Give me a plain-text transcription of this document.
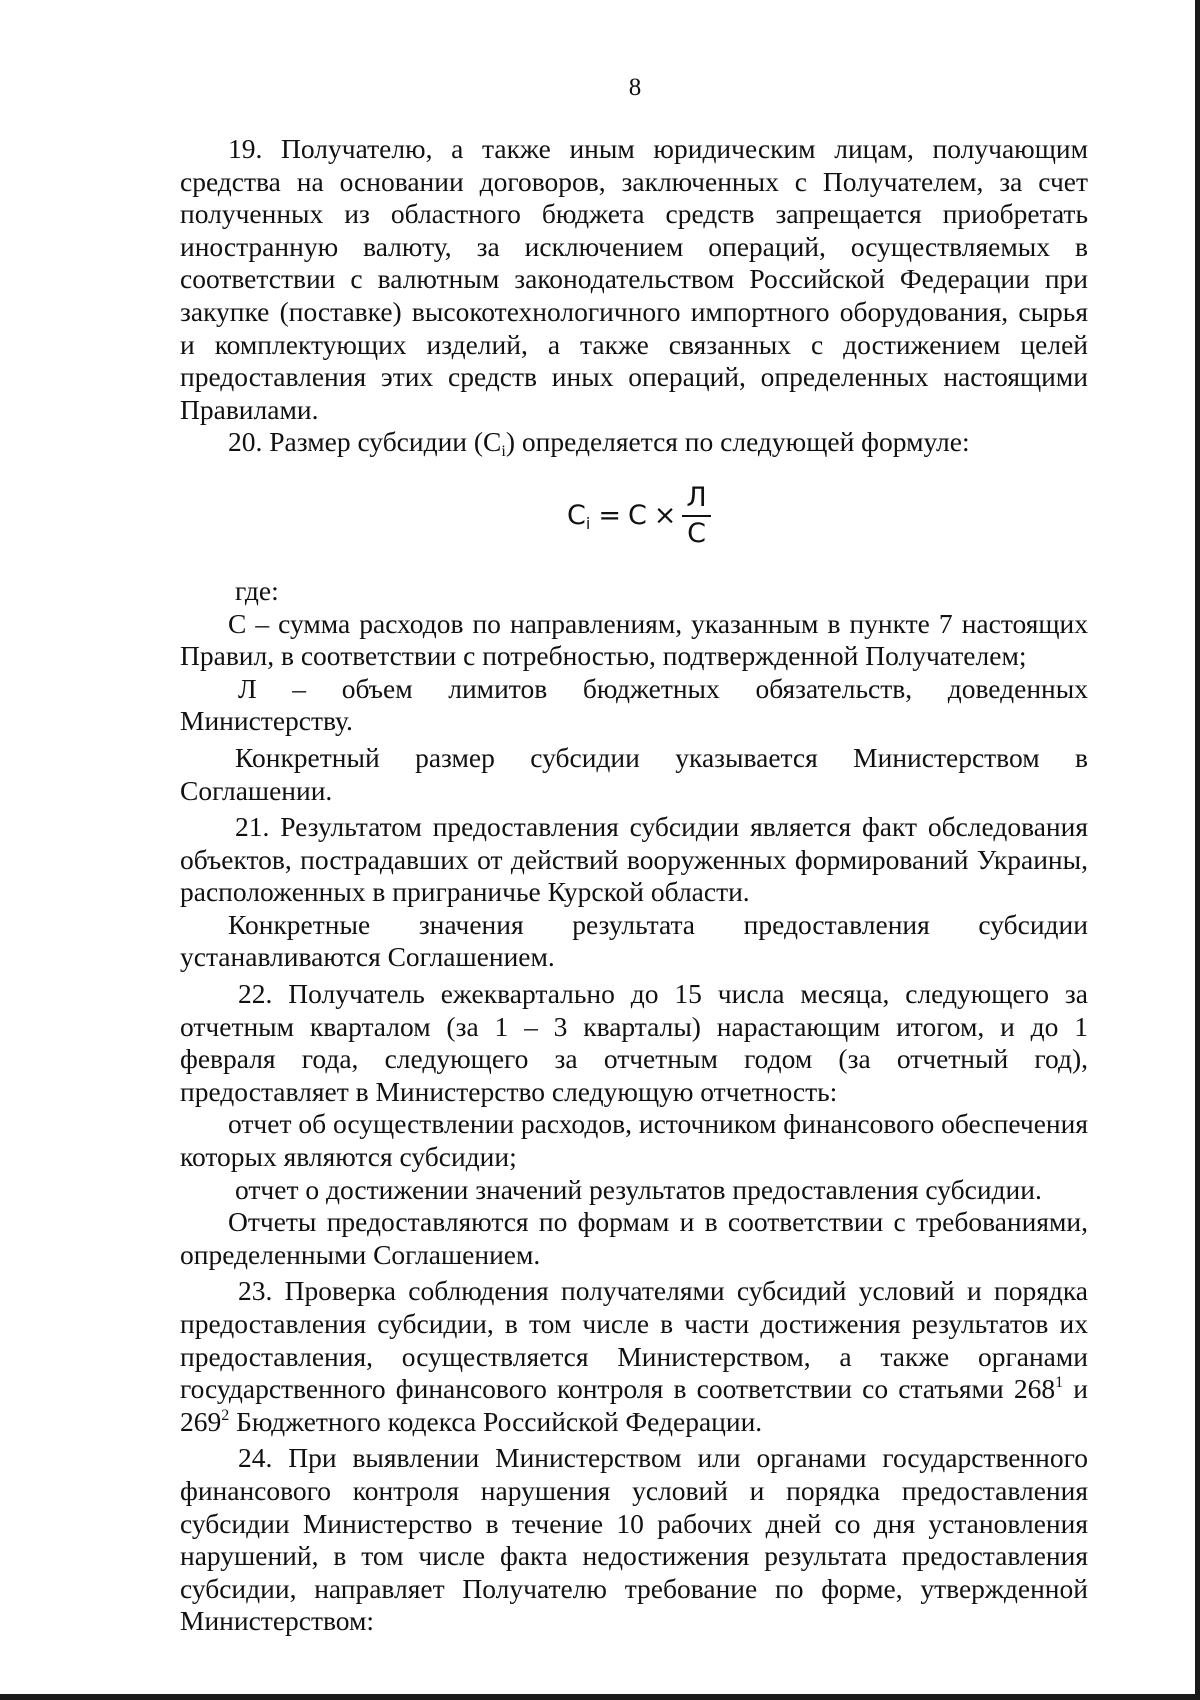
8

19. Получателю, а также иным юридическим лицам, получающим средства на основании договоров, заключенных с Получателем, за счет полученных из областного бюджета средств запрещается приобретать иностранную валюту, за исключением операций, осуществляемых в соответствии с валютным законодательством Российской Федерации при закупке (поставке) высокотехнологичного импортного оборудования, сырья и комплектующих изделий, а также связанных с достижением целей предоставления этих средств иных операций, определенных настоящими Правилами.

20. Размер субсидии $(С_i)$ определяется по следующей формуле:

$C_i = C \times \frac{Л}{C}$

где:

С – сумма расходов по направлениям, указанным в пункте 7 настоящих Правил, в соответствии с потребностью, подтвержденной Получателем;

Л – объем лимитов бюджетных обязательств, доведенных Министерству.

Конкретный размер субсидии указывается Министерством в Соглашении.

21. Результатом предоставления субсидии является факт обследования объектов, пострадавших от действий вооруженных формирований Украины, расположенных в приграничье Курской области.

Конкретные значения результата предоставления субсидии устанавливаются Соглашением.

22. Получатель ежеквартально до 15 числа месяца, следующего за отчетным кварталом (за 1 – 3 кварталы) нарастающим итогом, и до 1 февраля года, следующего за отчетным годом (за отчетный год), предоставляет в Министерство следующую отчетность:

отчет об осуществлении расходов, источником финансового обеспечения которых являются субсидии;

отчет о достижении значений результатов предоставления субсидии.

Отчеты предоставляются по формам и в соответствии с требованиями, определенными Соглашением.

23. Проверка соблюдения получателями субсидий условий и порядка предоставления субсидии, в том числе в части достижения результатов их предоставления, осуществляется Министерством, а также органами государственного финансового контроля в соответствии со статьями $268^1$ и $269^2$ Бюджетного кодекса Российской Федерации.

24. При выявлении Министерством или органами государственного финансового контроля нарушения условий и порядка предоставления субсидии Министерство в течение 10 рабочих дней со дня установления нарушений, в том числе факта недостижения результата предоставления субсидии, направляет Получателю требование по форме, утвержденной Министерством:
